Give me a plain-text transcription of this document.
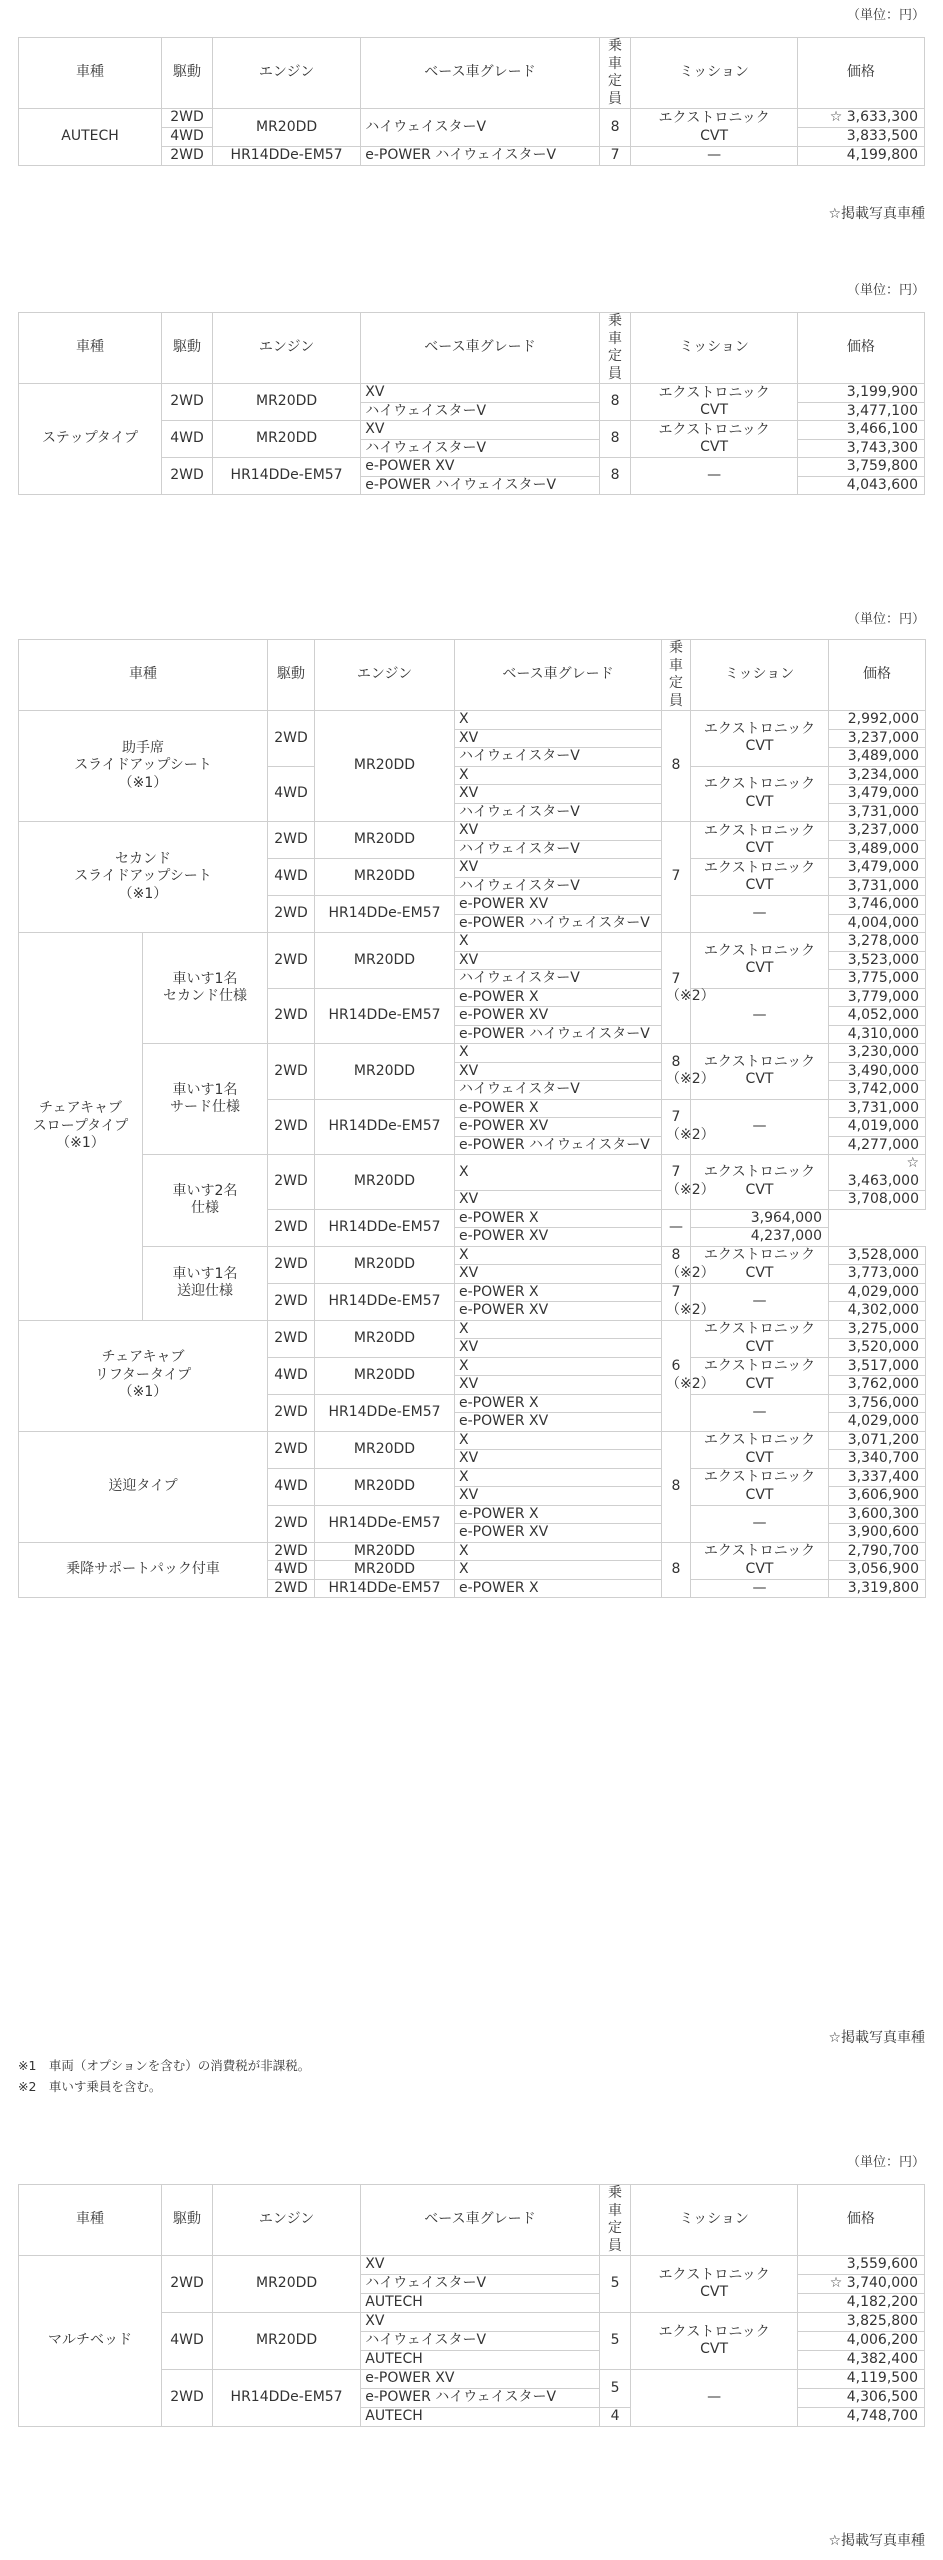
（単位：円）
車種	駆動	エンジン	ベース車グレード	乗車
定員	ミッション	価格
AUTECH	2WD	MR20DD	ハイウェイスターV	8	エクストロニック
CVT	☆ 3,633,300
	4WD					3,833,500
	2WD	HR14DDe-EM57	e-POWER ハイウェイスターV	7	—	4,199,800
☆掲載写真車種
（単位：円）
車種	駆動	エンジン	ベース車グレード	乗車
定員	ミッション	価格
ステップタイプ	2WD	MR20DD	XV	8	エクストロニック
CVT	3,199,900
			ハイウェイスターV			3,477,100
	4WD	MR20DD	XV	8	エクストロニック
CVT	3,466,100
			ハイウェイスターV			3,743,300
	2WD	HR14DDe-EM57	e-POWER XV	8	—	3,759,800
			e-POWER ハイウェイスターV			4,043,600
（単位：円）
車種		駆動	エンジン	ベース車グレード	乗車
定員	ミッション	価格
助手席
スライドアップシート
（※1）		2WD	MR20DD	X	8	エクストロニック
CVT	2,992,000
				XV			3,237,000
				ハイウェイスターV			3,489,000
		4WD		X		エクストロニック
CVT	3,234,000
				XV			3,479,000
				ハイウェイスターV			3,731,000
セカンド
スライドアップシート
（※1）		2WD	MR20DD	XV	7	エクストロニック
CVT	3,237,000
				ハイウェイスターV			3,489,000
		4WD	MR20DD	XV		エクストロニック
CVT	3,479,000
				ハイウェイスターV			3,731,000
		2WD	HR14DDe-EM57	e-POWER XV		—	3,746,000
				e-POWER ハイウェイスターV			4,004,000
チェアキャブ
スロープタイプ
（※1）	車いす1名
セカンド仕様	2WD	MR20DD	X	7
（※2）	エクストロニック
CVT	3,278,000
				XV			3,523,000
				ハイウェイスターV			3,775,000
		2WD	HR14DDe-EM57	e-POWER X		—	3,779,000
				e-POWER XV			4,052,000
				e-POWER ハイウェイスターV			4,310,000
	車いす1名
サード仕様	2WD	MR20DD	X	8
（※2）	エクストロニック
CVT	3,230,000
				XV			3,490,000
				ハイウェイスターV			3,742,000
		2WD	HR14DDe-EM57	e-POWER X	7
（※2）	—	3,731,000
				e-POWER XV			4,019,000
				e-POWER ハイウェイスターV			4,277,000
	車いす2名
仕様	2WD	MR20DD	X	7
（※2）	エクストロニック
CVT	☆ 3,463,000
				XV			3,708,000
		2WD	HR14DDe-EM57	e-POWER X	—	3,964,000	
				e-POWER XV		4,237,000	
	車いす1名
送迎仕様	2WD	MR20DD	X	8
（※2）	エクストロニック
CVT	3,528,000
				XV			3,773,000
		2WD	HR14DDe-EM57	e-POWER X	7
（※2）	—	4,029,000
				e-POWER XV			4,302,000
チェアキャブ
リフタータイプ
（※1）		2WD	MR20DD	X	6
（※2）	エクストロニック
CVT	3,275,000
				XV			3,520,000
		4WD	MR20DD	X		エクストロニック
CVT	3,517,000
				XV			3,762,000
		2WD	HR14DDe-EM57	e-POWER X		—	3,756,000
				e-POWER XV			4,029,000
送迎タイプ		2WD	MR20DD	X	8	エクストロニック
CVT	3,071,200
				XV			3,340,700
		4WD	MR20DD	X		エクストロニック
CVT	3,337,400
				XV			3,606,900
		2WD	HR14DDe-EM57	e-POWER X		—	3,600,300
				e-POWER XV			3,900,600
乗降サポートパック付車		2WD	MR20DD	X	8	エクストロニック
CVT	2,790,700
		4WD	MR20DD	X			3,056,900
		2WD	HR14DDe-EM57	e-POWER X		—	3,319,800
☆掲載写真車種
※1　車両（オプションを含む）の消費税が非課税。
※2　車いす乗員を含む。
（単位：円）
車種	駆動	エンジン	ベース車グレード	乗車
定員	ミッション	価格
マルチベッド	2WD	MR20DD	XV	5	エクストロニック
CVT	3,559,600
			ハイウェイスターV			☆ 3,740,000
			AUTECH			4,182,200
	4WD	MR20DD	XV	5	エクストロニック
CVT	3,825,800
			ハイウェイスターV			4,006,200
			AUTECH			4,382,400
	2WD	HR14DDe-EM57	e-POWER XV	5	—	4,119,500
			e-POWER ハイウェイスターV			4,306,500
			AUTECH	4		4,748,700
☆掲載写真車種
